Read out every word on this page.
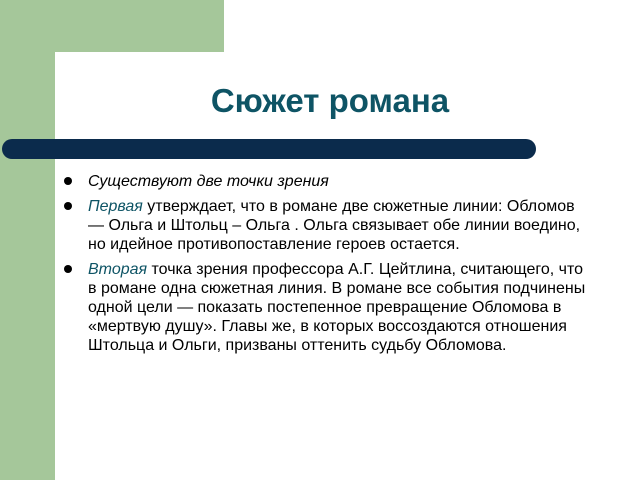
Сюжет романа
Существуют две точки зрения
Первая утверждает, что в романе две сюжетные линии: Обломов — Ольга и Штольц – Ольга . Ольга связывает обе линии воедино, но идейное противопоставление героев остается.
Вторая точка зрения профессора А.Г. Цейтлина, считающего, что в романе одна сюжетная линия. В романе все события подчинены одной цели — показать постепенное превращение Обломова в «мертвую душу». Главы же, в которых воссоздаются отношения Штольца и Ольги, призваны оттенить судьбу Обломова.
